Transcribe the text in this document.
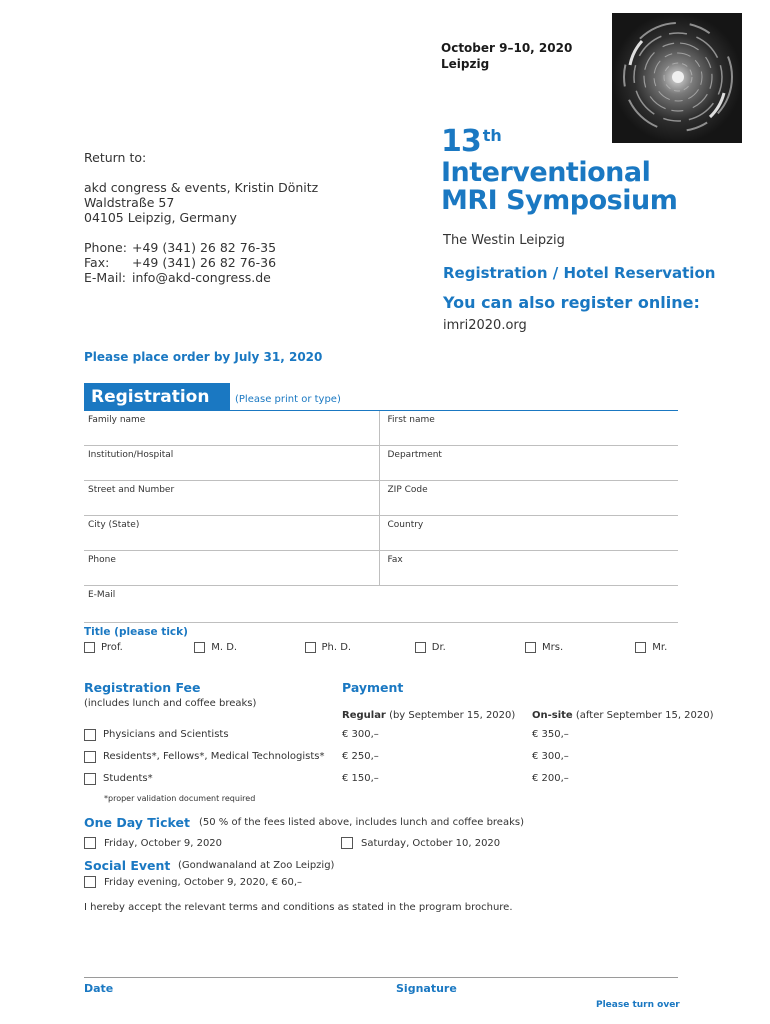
October 9–10, 2020
Leipzig
13 th
Interventional
MRI Symposium
The Westin Leipzig
Registration / Hotel Reservation
You can also register online:
imri2020.org
Return to:
akd congress & events, Kristin Dönitz
Waldstraße 57
04105 Leipzig, Germany
Phone: +49 (341) 26 82 76-35
Fax:	+49 (341) 26 82 76-36
E-Mail: info@akd-congress.de
Please place order by July 31, 2020
Registration	(Please print or type)
Family name	First name
Institution/Hospital	Department
Street and Number	ZIP Code
City (State)	Country
Phone	Fax
E-Mail
Title (please tick)
Prof.	M. D.	Ph. D.	Dr.	Mrs.	Mr.
Registration Fee
(includes lunch and coffee breaks)
Payment
Regular (by September 15, 2020) On-site (after September 15, 2020)
Physicians and Scientists	€ 300,–	€ 350,–
Residents*, Fellows*, Medical Technologists* € 250,–	€ 300,–
Students*	€ 150,–	€ 200,–
*proper validation document required
One Day Ticket (50 % of the fees listed above, includes lunch and coffee breaks)
Friday, October 9, 2020	Saturday, October 10, 2020
Social Event (Gondwanaland at Zoo Leipzig)
Friday evening, October 9, 2020, € 60,–
I hereby accept the relevant terms and conditions as stated in the program brochure.
Date	Signature
Please turn over
